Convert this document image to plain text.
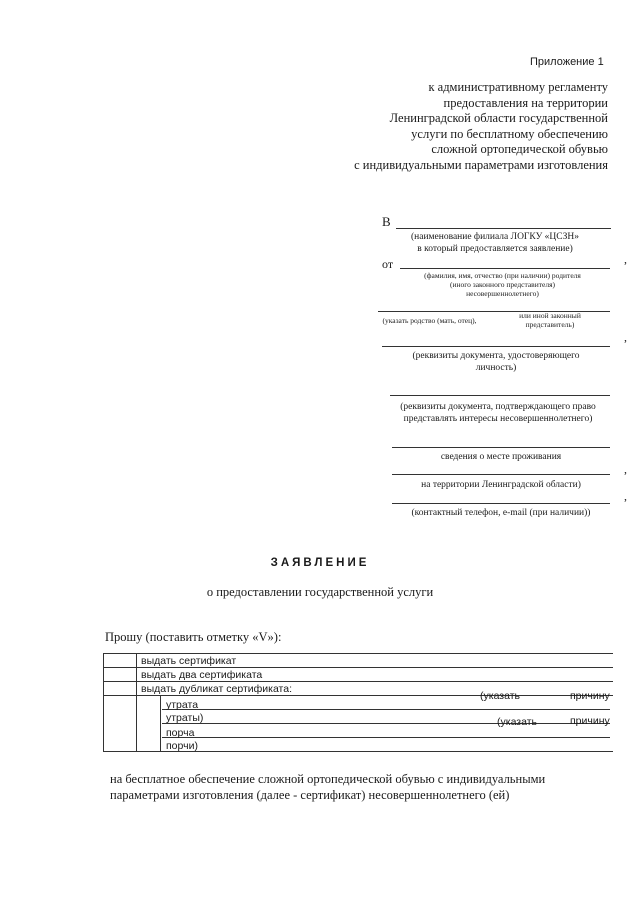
Приложение 1
к административному регламенту
предоставления на территории
Ленинградской области государственной
услуги по бесплатному обеспечению
сложной ортопедической обувью
с индивидуальными параметрами изготовления
В
(наименование филиала ЛОГКУ «ЦСЗН»
в который предоставляется заявление)
от	,
(фамилия, имя, отчество (при наличии) родителя
(иного законного представителя)
несовершеннолетнего)
,
(указать родство (мать, отец),
или иной законный
представитель)
(реквизиты документа, удостоверяющего
личность)
(реквизиты документа, подтверждающего право
представлять интересы несовершеннолетнего)
сведения о месте проживания
,
на территории Ленинградской области)
,
(контактный телефон, e-mail (при наличии))
ЗАЯВЛЕНИЕ
о предоставлении государственной услуги
Прошу (поставить отметку «V»):
выдать сертификат
выдать два сертификата
выдать дубликат сертификата:
(указать	причину
утрата
утраты)	(указать	причину
порча
порчи)
на бесплатное обеспечение сложной ортопедической обувью с индивидуальными
параметрами изготовления (далее - сертификат) несовершеннолетнего (ей)
